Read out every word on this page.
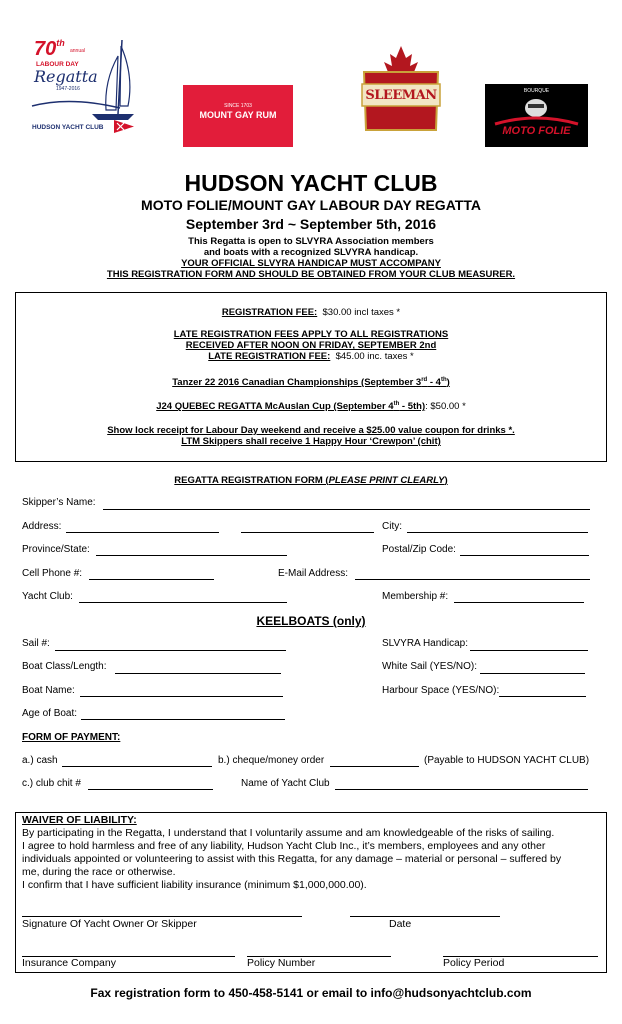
70th
annual
LABOUR DAY
Regatta
1947-2016
HUDSON YACHT CLUB
SINCE 1703
MOUNT GAY RUM
SLEEMAN	BOURQUE
MOTO FOLIE
HUDSON YACHT CLUB
MOTO FOLIE/MOUNT GAY LABOUR DAY REGATTA
September 3rd ~ September 5th, 2016
This Regatta is open to SLVYRA Association members
and boats with a recognized SLVYRA handicap.
YOUR OFFICIAL SLVYRA HANDICAP MUST ACCOMPANY
THIS REGISTRATION FORM AND SHOULD BE OBTAINED FROM YOUR CLUB MEASURER.
REGISTRATION FEE: $30.00 incl taxes *
LATE REGISTRATION FEES APPLY TO ALL REGISTRATIONS
RECEIVED AFTER NOON ON FRIDAY, SEPTEMBER 2nd
LATE REGISTRATION FEE: $45.00 inc. taxes *
Tanzer 22 2016 Canadian Championships (September 3rd - 4th)
J24 QUEBEC REGATTA McAuslan Cup (September 4th - 5th): $50.00 *
Show lock receipt for Labour Day weekend and receive a $25.00 value coupon for drinks *.
LTM Skippers shall receive 1 Happy Hour ‘Crewpon’ (chit)
REGATTA REGISTRATION FORM (PLEASE PRINT CLEARLY)
Skipper’s Name:
Address:	City:
Province/State:	Postal/Zip Code:
Cell Phone #:	E-Mail Address:
Yacht Club:	Membership #:
KEELBOATS (only)
Sail #:	SLVYRA Handicap:
Boat Class/Length:	White Sail (YES/NO):
Boat Name:	Harbour Space (YES/NO):
Age of Boat:
FORM OF PAYMENT:
a.) cash	b.) cheque/money order	(Payable to HUDSON YACHT CLUB)
c.) club chit #	Name of Yacht Club
WAIVER OF LIABILITY:
By participating in the Regatta, I understand that I voluntarily assume and am knowledgeable of the risks of sailing.
I agree to hold harmless and free of any liability, Hudson Yacht Club Inc., it’s members, employees and any other
individuals appointed or volunteering to assist with this Regatta, for any damage – material or personal – suffered by
me, during the race or otherwise.
I confirm that I have sufficient liability insurance (minimum $1,000,000.00).
Signature Of Yacht Owner Or Skipper	Date
Insurance Company	Policy Number	Policy Period
Fax registration form to 450-458-5141 or email to info@hudsonyachtclub.com
